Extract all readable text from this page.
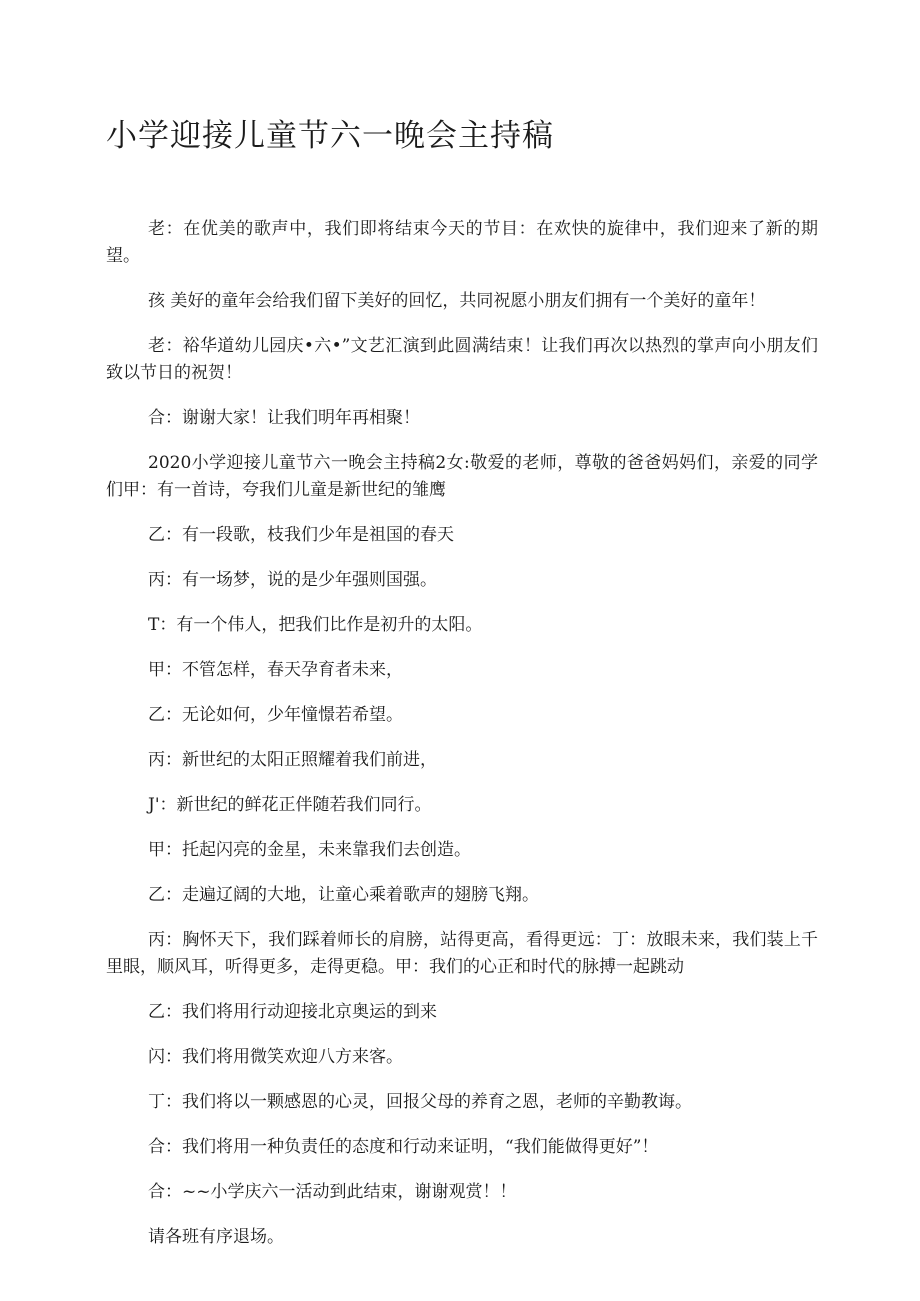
小学迎接儿童节六一晚会主持稿

老：在优美的歌声中，我们即将结束今天的节目：在欢快的旋律中，我们迎来了新的期望。

孩 美好的童年会给我们留下美好的回忆，共同祝愿小朋友们拥有一个美好的童年！

老：裕华道幼儿园庆•六•”文艺汇演到此圆满结束！让我们再次以热烈的掌声向小朋友们致以节日的祝贺！

合：谢谢大家！让我们明年再相聚！

2020小学迎接儿童节六一晚会主持稿2女:敬爱的老师，尊敬的爸爸妈妈们，亲爱的同学们甲：有一首诗，夸我们儿童是新世纪的雏鹰

乙：有一段歌，枝我们少年是祖国的春天

丙：有一场梦，说的是少年强则国强。

T：有一个伟人，把我们比作是初升的太阳。

甲：不管怎样，春天孕育者未来，

乙：无论如何，少年憧憬若希望。

丙：新世纪的太阳正照耀着我们前进，

J'：新世纪的鲜花正伴随若我们同行。

甲：托起闪亮的金星，未来靠我们去创造。

乙：走遍辽阔的大地，让童心乘着歌声的翅膀飞翔。

丙：胸怀天下，我们踩着师长的肩膀，站得更高，看得更远：丁：放眼未来，我们装上千里眼，顺风耳，听得更多，走得更稳。甲：我们的心正和时代的脉搏一起跳动

乙：我们将用行动迎接北京奥运的到来

闪：我们将用微笑欢迎八方来客。

丁：我们将以一颗感恩的心灵，回报父母的养育之恩，老师的辛勤教诲。

合：我们将用一种负责任的态度和行动来证明，“我们能做得更好”！

合：~~小学庆六一活动到此结束，谢谢观赏！！

请各班有序退场。
